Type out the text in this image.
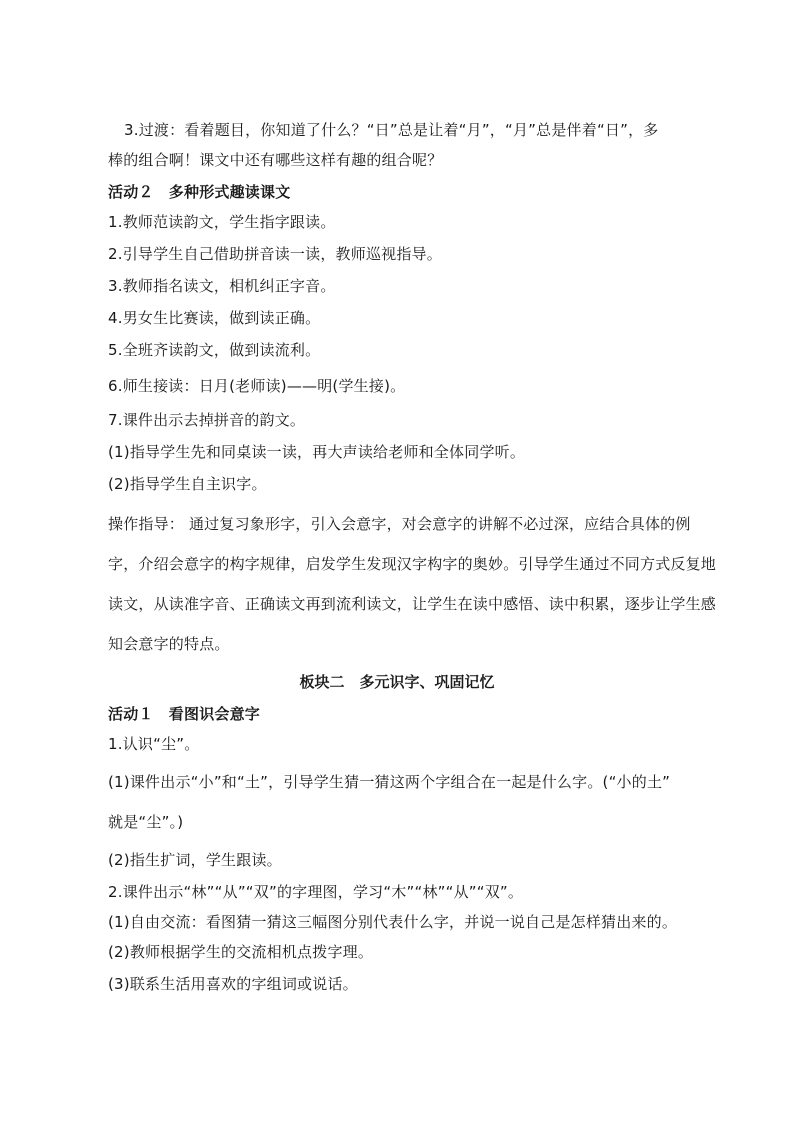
3.过渡：看着题目，你知道了什么？“日”总是让着“月”，“月”总是伴着“日”，多
棒的组合啊！课文中还有哪些这样有趣的组合呢？
活动２　多种形式趣读课文
1.教师范读韵文，学生指字跟读。
2.引导学生自己借助拼音读一读，教师巡视指导。
3.教师指名读文，相机纠正字音。
4.男女生比赛读，做到读正确。
5.全班齐读韵文，做到读流利。
6.师生接读：日月(老师读)——明(学生接)。
7.课件出示去掉拼音的韵文。
(1)指导学生先和同桌读一读，再大声读给老师和全体同学听。
(2)指导学生自主识字。
操作指导： 通过复习象形字，引入会意字，对会意字的讲解不必过深，应结合具体的例
字，介绍会意字的构字规律，启发学生发现汉字构字的奥妙。引导学生通过不同方式反复地
读文，从读准字音、正确读文再到流利读文，让学生在读中感悟、读中积累，逐步让学生感
知会意字的特点。
板块二　多元识字、巩固记忆
活动１　看图识会意字
1.认识“尘”。
(1)课件出示“小”和“土”，引导学生猜一猜这两个字组合在一起是什么字。(“小的土”
就是“尘”。)
(2)指生扩词，学生跟读。
2.课件出示“林”“从”“双”的字理图，学习“木”“林”“从”“双”。
(1)自由交流：看图猜一猜这三幅图分别代表什么字，并说一说自己是怎样猜出来的。
(2)教师根据学生的交流相机点拨字理。
(3)联系生活用喜欢的字组词或说话。
